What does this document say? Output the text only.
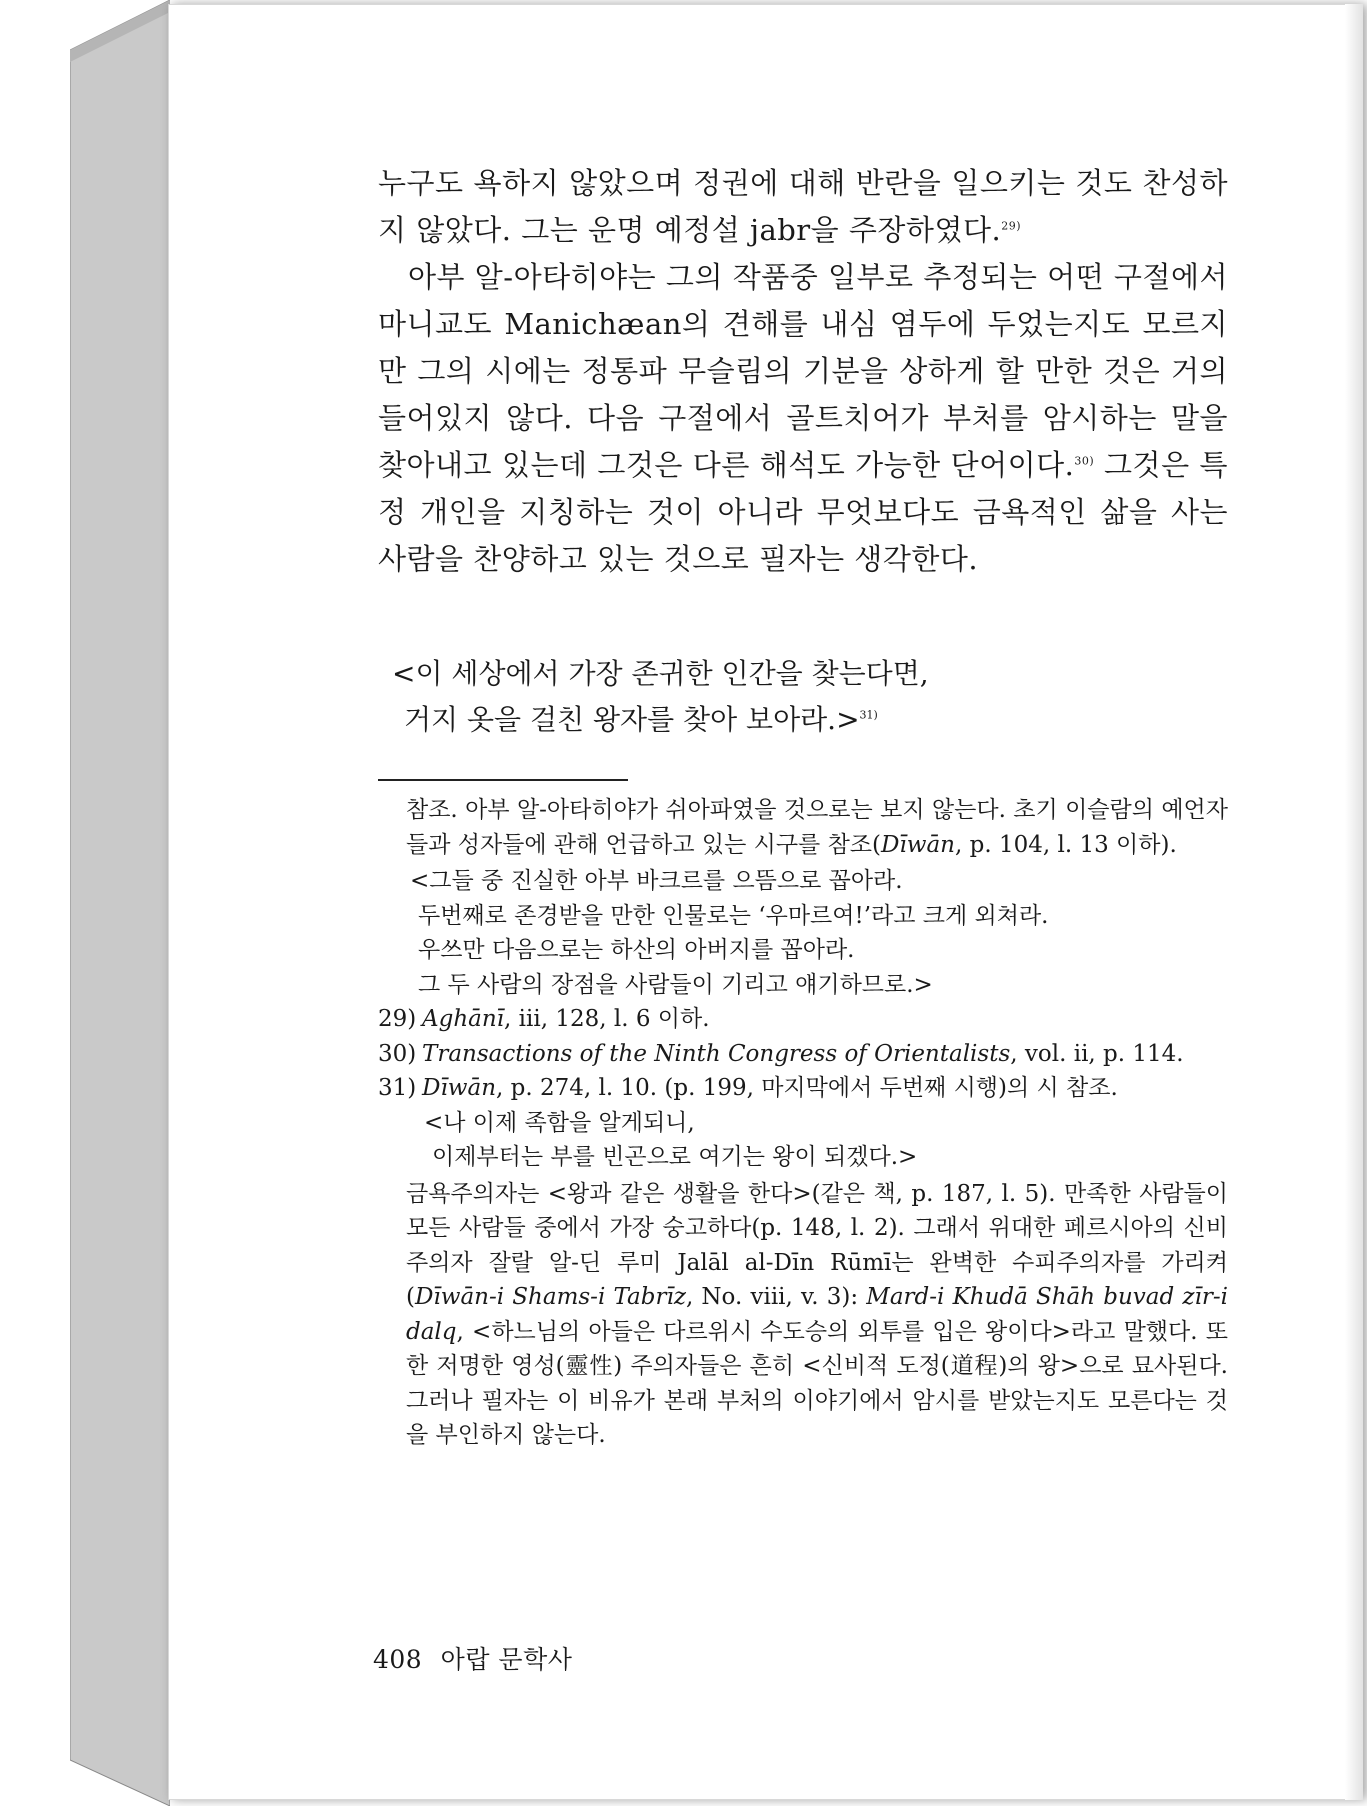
누구도 욕하지 않았으며 정권에 대해 반란을 일으키는 것도 찬성하지 않았다. 그는 운명 예정설 jabr을 주장하였다.$^{29)}$

아부 알-아타히야는 그의 작품중 일부로 추정되는 어떤 구절에서 마니교도 Manichæan의 견해를 내심 염두에 두었는지도 모르지만 그의 시에는 정통파 무슬림의 기분을 상하게 할 만한 것은 거의 들어있지 않다. 다음 구절에서 골트치어가 부처를 암시하는 말을 찾아내고 있는데 그것은 다른 해석도 가능한 단어이다.$^{30)}$ 그것은 특정 개인을 지칭하는 것이 아니라 무엇보다도 금욕적인 삶을 사는 사람을 찬양하고 있는 것으로 필자는 생각한다.

<이 세상에서 가장 존귀한 인간을 찾는다면,
거지 옷을 걸친 왕자를 찾아 보아라.>$^{31)}$

참조. 아부 알-아타히야가 쉬아파였을 것으로는 보지 않는다. 초기 이슬람의 예언자들과 성자들에 관해 언급하고 있는 시구를 참조(Dīwān, p. 104, l. 13 이하).

<그들 중 진실한 아부 바크르를 으뜸으로 꼽아라.
두번째로 존경받을 만한 인물로는 ‘우마르여!’라고 크게 외쳐라.
우쓰만 다음으로는 하산의 아버지를 꼽아라.
그 두 사람의 장점을 사람들이 기리고 얘기하므로.>
29) Aghānī, iii, 128, l. 6 이하.
30) Transactions of the Ninth Congress of Orientalists, vol. ii, p. 114.
31) Dīwān, p. 274, l. 10. (p. 199, 마지막에서 두번째 시행)의 시 참조.
<나 이제 족함을 알게되니,
이제부터는 부를 빈곤으로 여기는 왕이 되겠다.>

금욕주의자는 <왕과 같은 생활을 한다>(같은 책, p. 187, l. 5). 만족한 사람들이 모든 사람들 중에서 가장 숭고하다(p. 148, l. 2). 그래서 위대한 페르시아의 신비주의자 잘랄 알-딘 루미 Jalāl al-Dīn Rūmī는 완벽한 수피주의자를 가리켜(Dīwān-i Shams-i Tabrīz, No. viii, v. 3): Mard-i Khudā Shāh buvad zīr-i dalq, <하느님의 아들은 다르위시 수도승의 외투를 입은 왕이다>라고 말했다. 또한 저명한 영성(靈性) 주의자들은 흔히 <신비적 도정(道程)의 왕>으로 묘사된다. 그러나 필자는 이 비유가 본래 부처의 이야기에서 암시를 받았는지도 모른다는 것을 부인하지 않는다.

408 아랍 문학사
